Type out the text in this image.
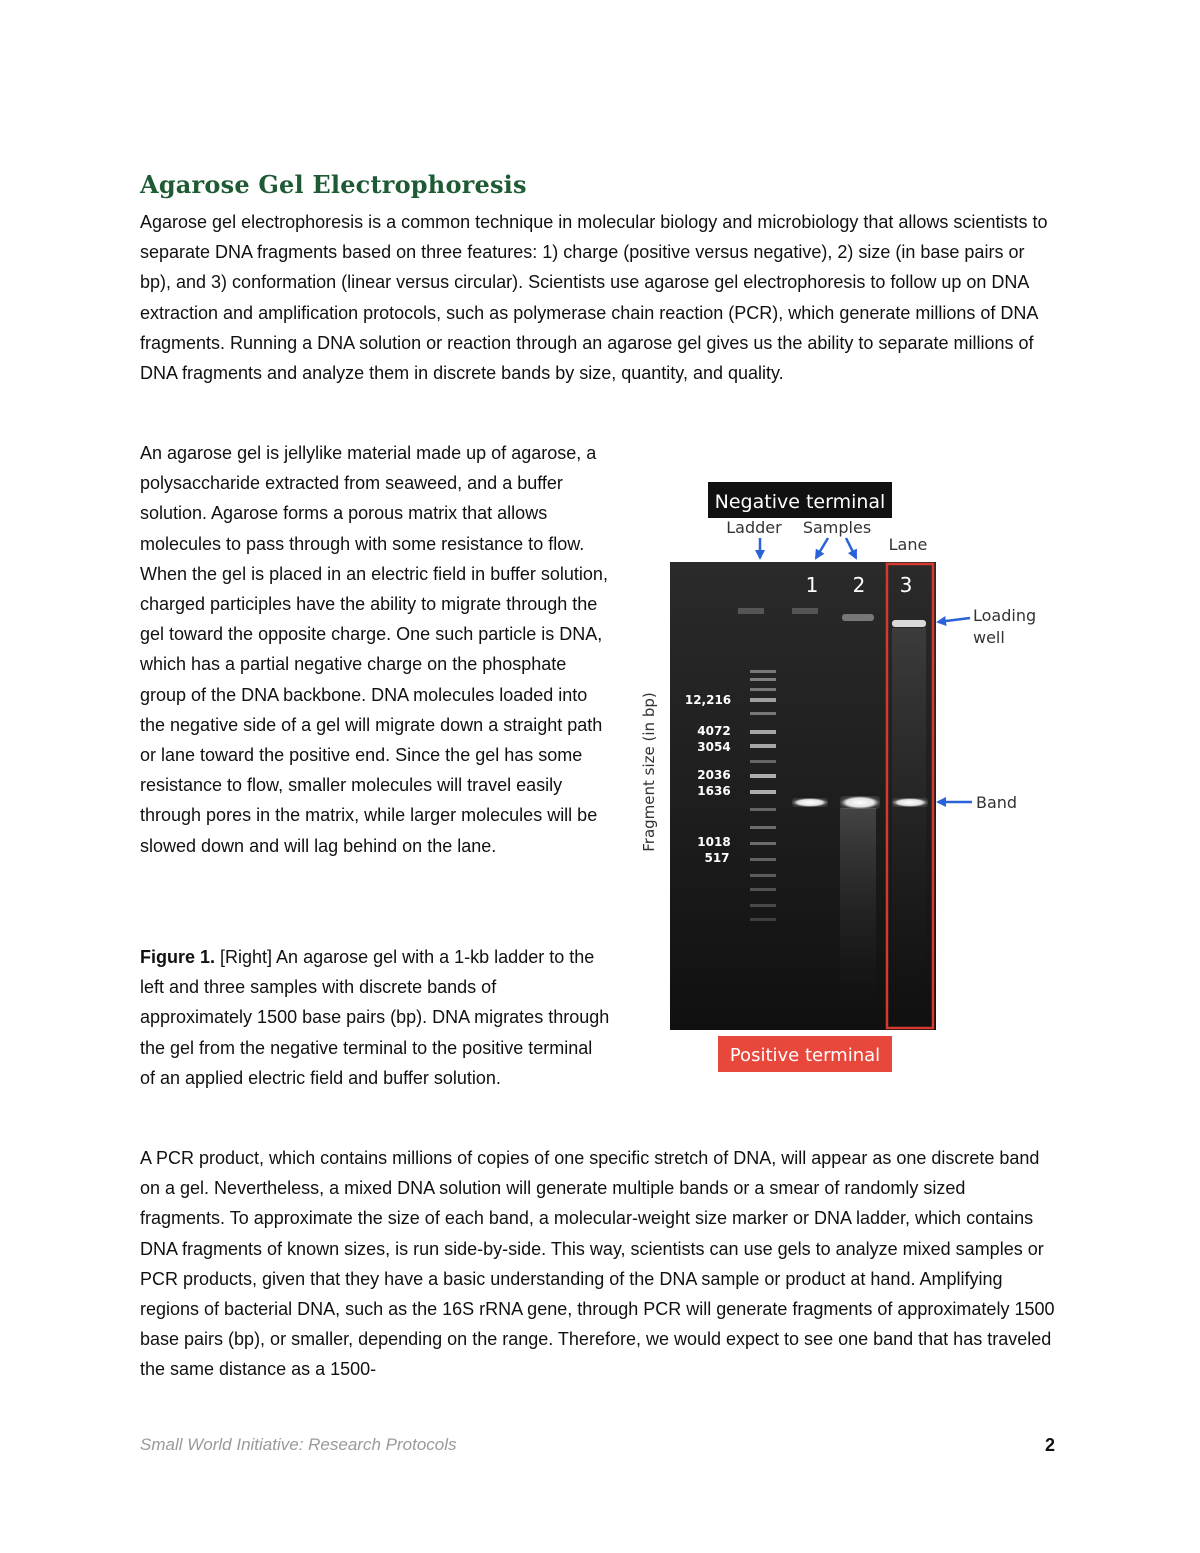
Agarose Gel Electrophoresis

Agarose gel electrophoresis is a common technique in molecular biology and microbiology that allows scientists to separate DNA fragments based on three features: 1) charge (positive versus negative), 2) size (in base pairs or bp), and 3) conformation (linear versus circular). Scientists use agarose gel electrophoresis to follow up on DNA extraction and amplification protocols, such as polymerase chain reaction (PCR), which generate millions of DNA fragments. Running a DNA solution or reaction through an agarose gel gives us the ability to separate millions of DNA fragments and analyze them in discrete bands by size, quantity, and quality.

An agarose gel is jellylike material made up of agarose, a polysaccharide extracted from seaweed, and a buffer solution. Agarose forms a porous matrix that allows molecules to pass through with some resistance to flow. When the gel is placed in an electric field in buffer solution, charged participles have the ability to migrate through the gel toward the opposite charge. One such particle is DNA, which has a partial negative charge on the phosphate group of the DNA backbone. DNA molecules loaded into the negative side of a gel will migrate down a straight path or lane toward the positive end. Since the gel has some resistance to flow, smaller molecules will travel easily through pores in the matrix, while larger molecules will be slowed down and will lag behind on the lane.

Figure 1. [Right] An agarose gel with a 1-kb ladder to the left and three samples with discrete bands of approximately 1500 base pairs (bp). DNA migrates through the gel from the negative terminal to the positive terminal of an applied electric field and buffer solution.

Negative terminal
Ladder Samples
Lane
1 2 3
12,216
4072
3054
2036
1636
1018
517
Loading
well
Band
Fragment size (in bp)
Positive terminal

A PCR product, which contains millions of copies of one specific stretch of DNA, will appear as one discrete band on a gel. Nevertheless, a mixed DNA solution will generate multiple bands or a smear of randomly sized fragments. To approximate the size of each band, a molecular-weight size marker or DNA ladder, which contains DNA fragments of known sizes, is run side-by-side. This way, scientists can use gels to analyze mixed samples or PCR products, given that they have a basic understanding of the DNA sample or product at hand. Amplifying regions of bacterial DNA, such as the 16S rRNA gene, through PCR will generate fragments of approximately 1500 base pairs (bp), or smaller, depending on the range. Therefore, we would expect to see one band that has traveled the same distance as a 1500-

Small World Initiative: Research Protocols	2
